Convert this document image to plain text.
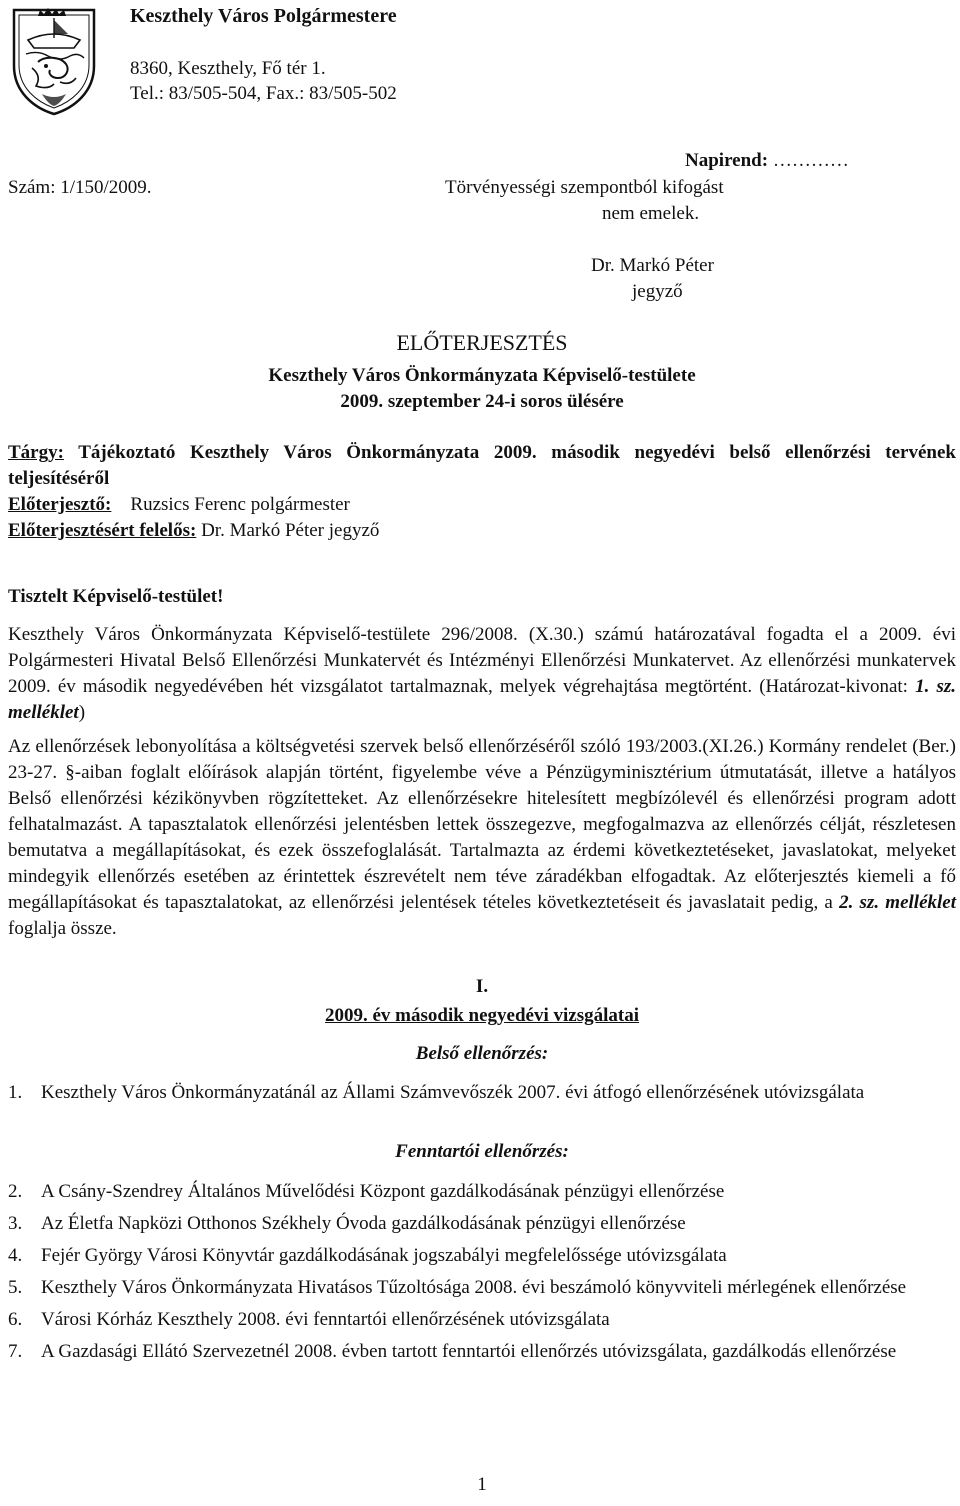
Keszthely Város Polgármestere
8360, Keszthely, Fő tér 1.
Tel.: 83/505-504, Fax.: 83/505-502
Szám: 1/150/2009.
Napirend: …………
Törvényességi szempontból kifogást
nem emelek.
Dr. Markó Péter
jegyző
ELŐTERJESZTÉS
Keszthely Város Önkormányzata Képviselő-testülete
2009. szeptember 24-i soros ülésére
Tárgy: Tájékoztató Keszthely Város Önkormányzata 2009. második negyedévi belső ellenőrzési tervének teljesítéséről
Előterjesztő: Ruzsics Ferenc polgármester
Előterjesztésért felelős: Dr. Markó Péter jegyző
Tisztelt Képviselő-testület!

Keszthely Város Önkormányzata Képviselő-testülete 296/2008. (X.30.) számú határozatával fogadta el a 2009. évi Polgármesteri Hivatal Belső Ellenőrzési Munkatervét és Intézményi Ellenőrzési Munkatervet. Az ellenőrzési munkatervek 2009. év második negyedévében hét vizsgálatot tartalmaznak, melyek végrehajtása megtörtént. (Határozat-kivonat: 1. sz. melléklet)

Az ellenőrzések lebonyolítása a költségvetési szervek belső ellenőrzéséről szóló 193/2003.(XI.26.) Kormány rendelet (Ber.) 23-27. §-aiban foglalt előírások alapján történt, figyelembe véve a Pénzügyminisztérium útmutatását, illetve a hatályos Belső ellenőrzési kézikönyvben rögzítetteket. Az ellenőrzésekre hitelesített megbízólevél és ellenőrzési program adott felhatalmazást. A tapasztalatok ellenőrzési jelentésben lettek összegezve, megfogalmazva az ellenőrzés célját, részletesen bemutatva a megállapításokat, és ezek összefoglalását. Tartalmazta az érdemi következtetéseket, javaslatokat, melyeket mindegyik ellenőrzés esetében az érintettek észrevételt nem téve záradékban elfogadtak. Az előterjesztés kiemeli a fő megállapításokat és tapasztalatokat, az ellenőrzési jelentések tételes következtetéseit és javaslatait pedig, a 2. sz. melléklet foglalja össze.

I.
2009. év második negyedévi vizsgálatai
Belső ellenőrzés:
1. Keszthely Város Önkormányzatánál az Állami Számvevőszék 2007. évi átfogó ellenőrzésének utóvizsgálata
Fenntartói ellenőrzés:
2. A Csány-Szendrey Általános Művelődési Központ gazdálkodásának pénzügyi ellenőrzése
3. Az Életfa Napközi Otthonos Székhely Óvoda gazdálkodásának pénzügyi ellenőrzése
4. Fejér György Városi Könyvtár gazdálkodásának jogszabályi megfelelőssége utóvizsgálata
5. Keszthely Város Önkormányzata Hivatásos Tűzoltósága 2008. évi beszámoló könyvviteli mérlegének ellenőrzése
6. Városi Kórház Keszthely 2008. évi fenntartói ellenőrzésének utóvizsgálata
7. A Gazdasági Ellátó Szervezetnél 2008. évben tartott fenntartói ellenőrzés utóvizsgálata, gazdálkodás ellenőrzése
1
